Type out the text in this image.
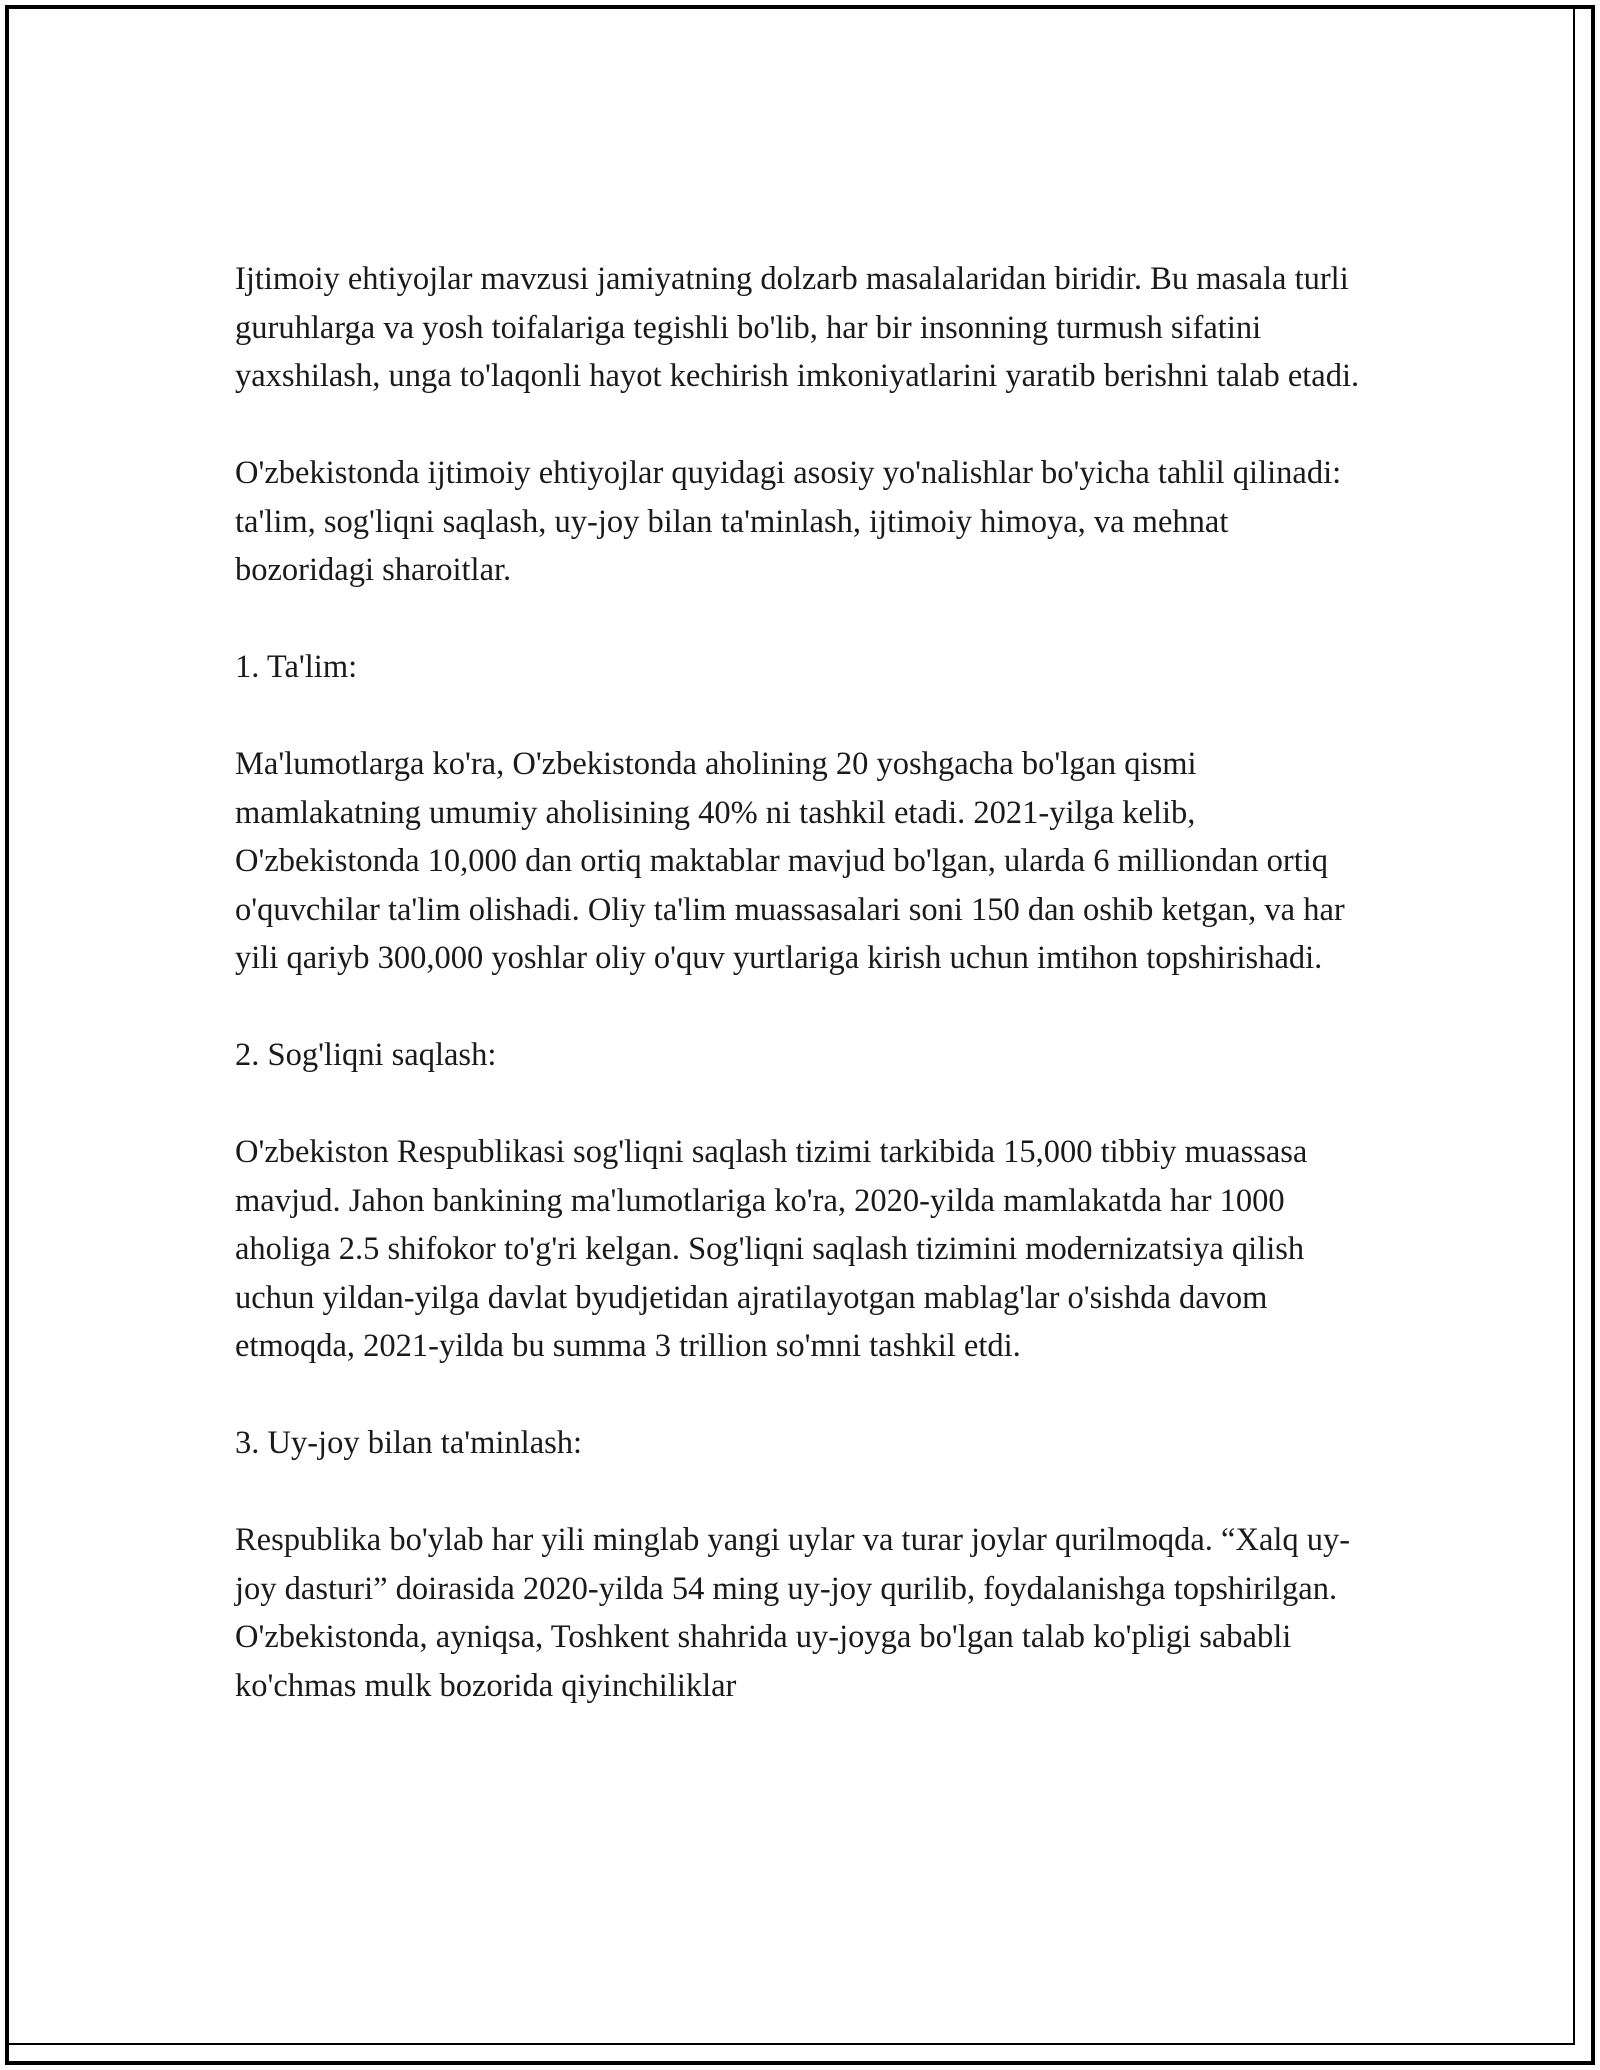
Ijtimoiy ehtiyojlar mavzusi jamiyatning dolzarb masalalaridan biridir. Bu masala turli guruhlarga va yosh toifalariga tegishli bo'lib, har bir insonning turmush sifatini yaxshilash, unga to'laqonli hayot kechirish imkoniyatlarini yaratib berishni talab etadi.

O'zbekistonda ijtimoiy ehtiyojlar quyidagi asosiy yo'nalishlar bo'yicha tahlil qilinadi: ta'lim, sog'liqni saqlash, uy-joy bilan ta'minlash, ijtimoiy himoya, va mehnat bozoridagi sharoitlar.

1. Ta'lim:

Ma'lumotlarga ko'ra, O'zbekistonda aholining 20 yoshgacha bo'lgan qismi mamlakatning umumiy aholisining 40% ni tashkil etadi. 2021-yilga kelib, O'zbekistonda 10,000 dan ortiq maktablar mavjud bo'lgan, ularda 6 milliondan ortiq o'quvchilar ta'lim olishadi. Oliy ta'lim muassasalari soni 150 dan oshib ketgan, va har yili qariyb 300,000 yoshlar oliy o'quv yurtlariga kirish uchun imtihon topshirishadi.

2. Sog'liqni saqlash:

O'zbekiston Respublikasi sog'liqni saqlash tizimi tarkibida 15,000 tibbiy muassasa mavjud. Jahon bankining ma'lumotlariga ko'ra, 2020-yilda mamlakatda har 1000 aholiga 2.5 shifokor to'g'ri kelgan. Sog'liqni saqlash tizimini modernizatsiya qilish uchun yildan-yilga davlat byudjetidan ajratilayotgan mablag'lar o'sishda davom etmoqda, 2021-yilda bu summa 3 trillion so'mni tashkil etdi.

3. Uy-joy bilan ta'minlash:

Respublika bo'ylab har yili minglab yangi uylar va turar joylar qurilmoqda. “Xalq uy-joy dasturi” doirasida 2020-yilda 54 ming uy-joy qurilib, foydalanishga topshirilgan. O'zbekistonda, ayniqsa, Toshkent shahrida uy-joyga bo'lgan talab ko'pligi sababli ko'chmas mulk bozorida qiyinchiliklar
